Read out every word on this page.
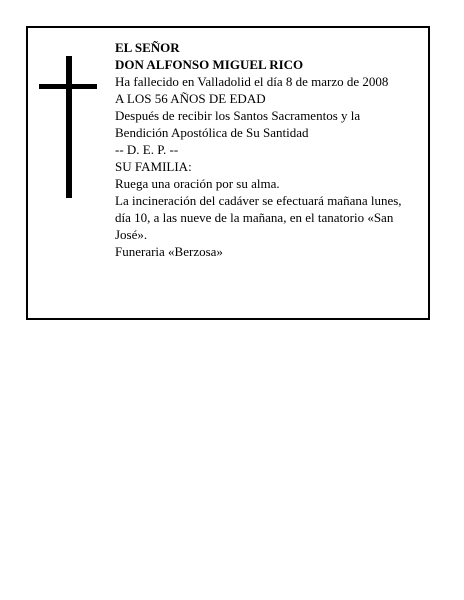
EL SEÑOR
DON ALFONSO MIGUEL RICO
Ha fallecido en Valladolid el día 8 de marzo de 2008
A LOS 56 AÑOS DE EDAD
Después de recibir los Santos Sacramentos y la Bendición Apostólica de Su Santidad
-- D. E. P. --
SU FAMILIA:
Ruega una oración por su alma.
La incineración del cadáver se efectuará mañana lunes, día 10, a las nueve de la mañana, en el tanatorio «San José».
Funeraria «Berzosa»
